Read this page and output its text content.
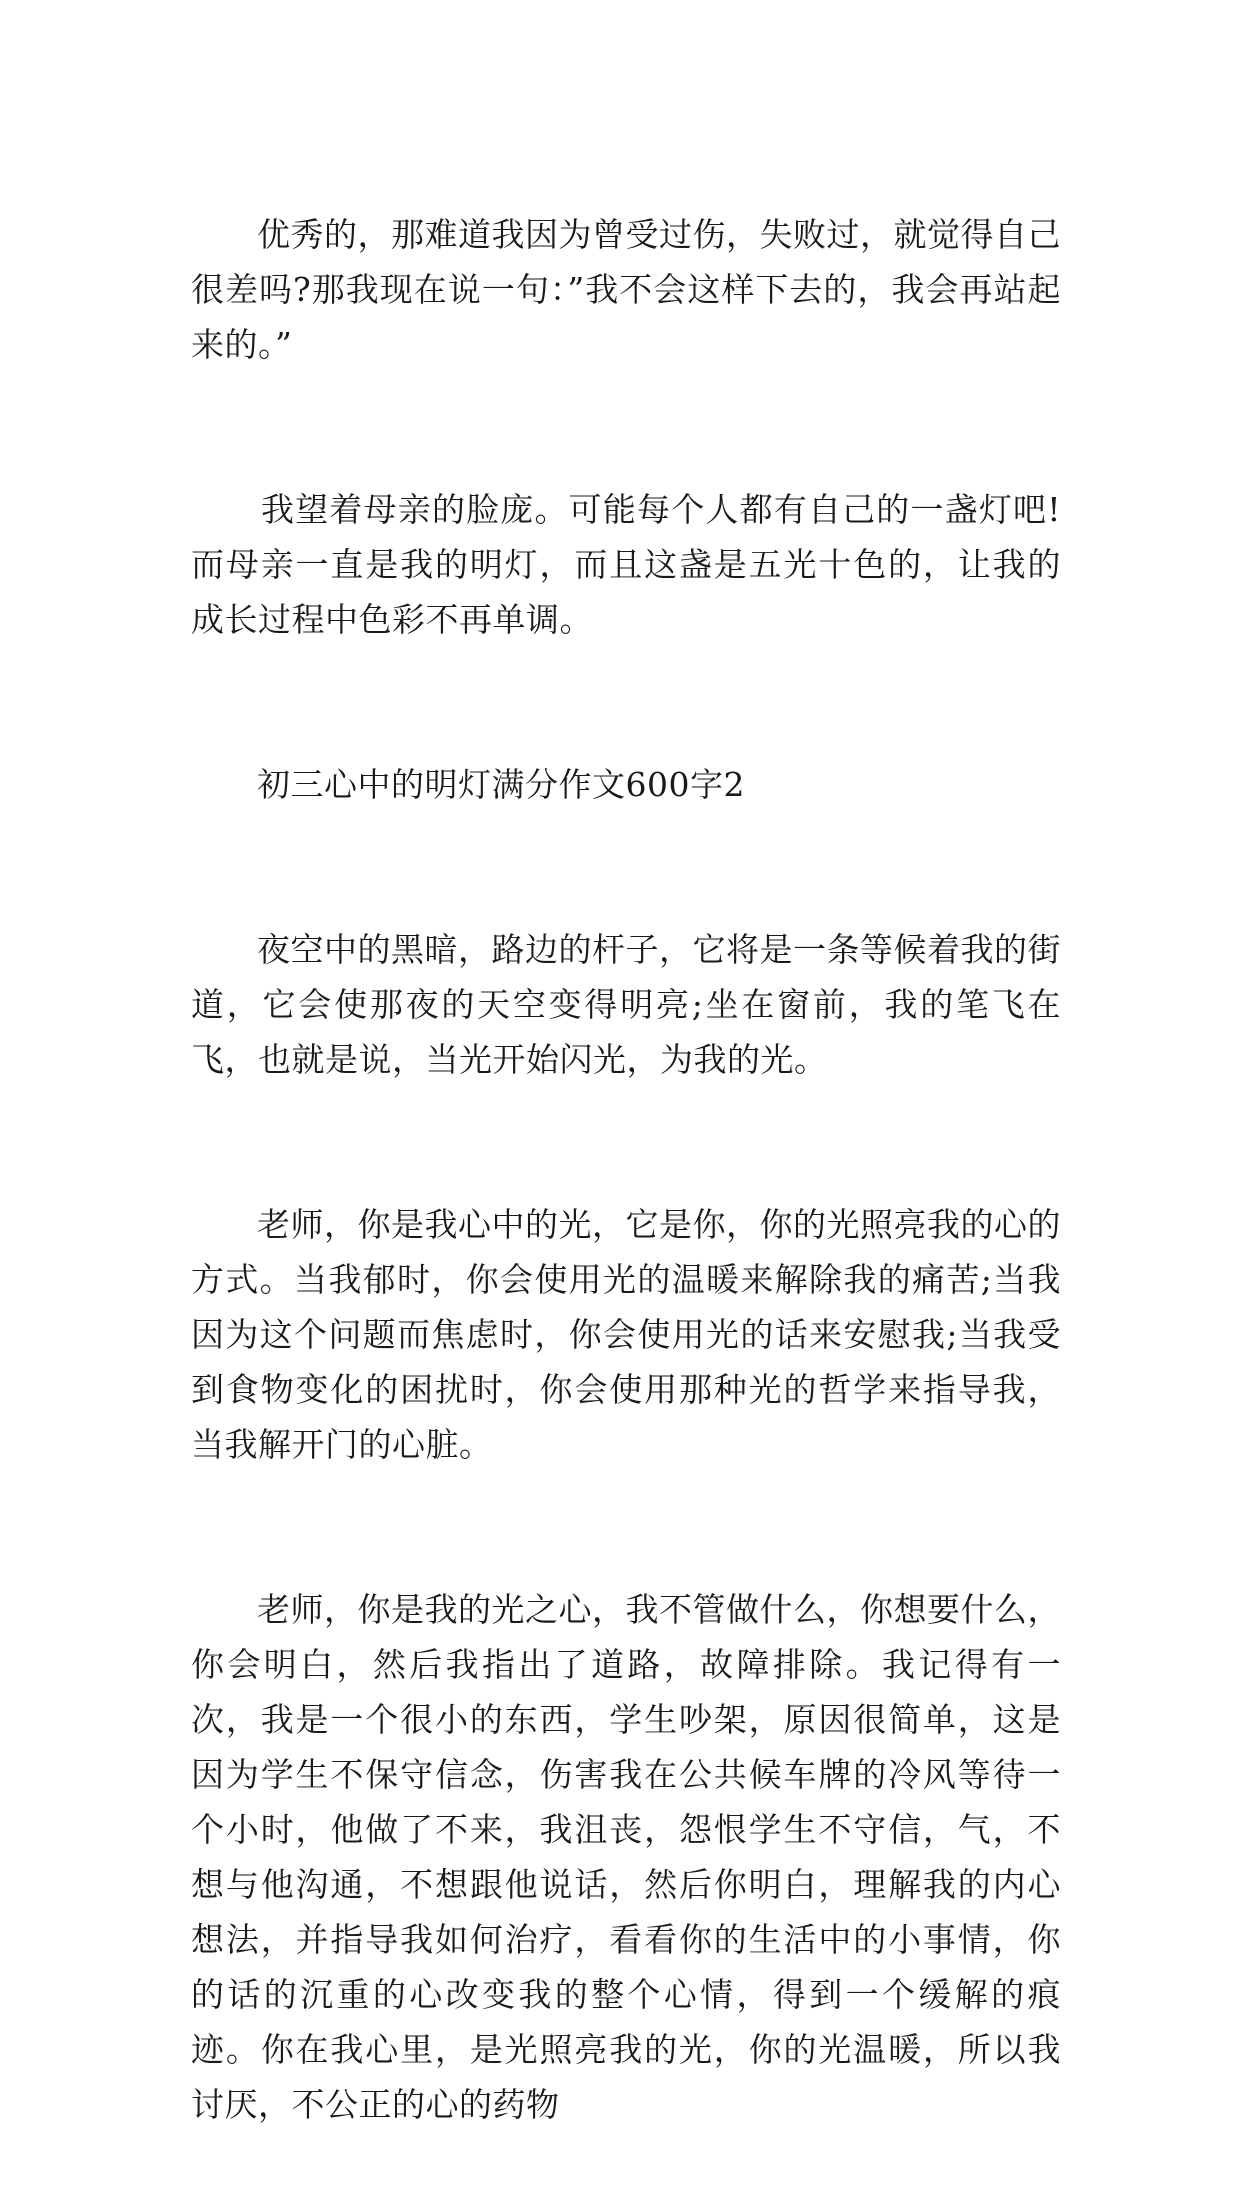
优秀的，那难道我因为曾受过伤，失败过，就觉得自己很差吗?那我现在说一句：”我不会这样下去的，我会再站起来的。”

我望着母亲的脸庞。可能每个人都有自己的一盏灯吧!而母亲一直是我的明灯，而且这盏是五光十色的，让我的成长过程中色彩不再单调。

初三心中的明灯满分作文600字2

夜空中的黑暗，路边的杆子，它将是一条等候着我的街道，它会使那夜的天空变得明亮;坐在窗前，我的笔飞在飞，也就是说，当光开始闪光，为我的光。

老师，你是我心中的光，它是你，你的光照亮我的心的方式。当我郁时，你会使用光的温暖来解除我的痛苦;当我因为这个问题而焦虑时，你会使用光的话来安慰我;当我受到食物变化的困扰时，你会使用那种光的哲学来指导我，当我解开门的心脏。

老师，你是我的光之心，我不管做什么，你想要什么，你会明白，然后我指出了道路，故障排除。我记得有一次，我是一个很小的东西，学生吵架，原因很简单，这是因为学生不保守信念，伤害我在公共候车牌的冷风等待一个小时，他做了不来，我沮丧，怨恨学生不守信，气，不想与他沟通，不想跟他说话，然后你明白，理解我的内心想法，并指导我如何治疗，看看你的生活中的小事情，你的话的沉重的心改变我的整个心情，得到一个缓解的痕迹。你在我心里，是光照亮我的光，你的光温暖，所以我讨厌，不公正的心的药物
